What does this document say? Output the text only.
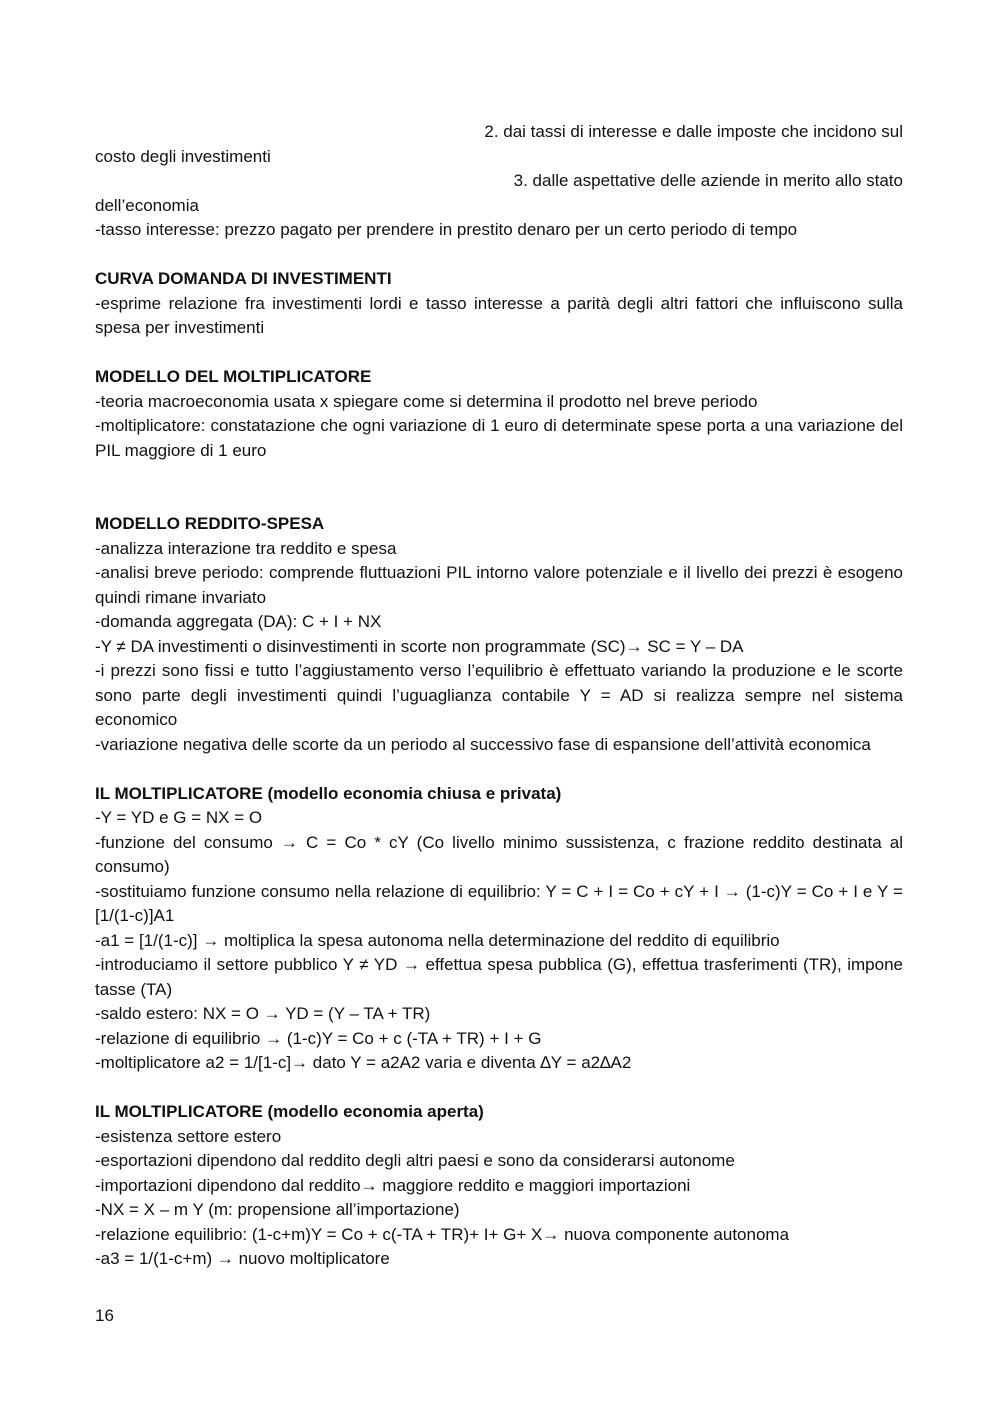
2. dai tassi di interesse e dalle imposte che incidono sul
costo degli investimenti
3. dalle aspettative delle aziende in merito allo stato
dell’economia
-tasso interesse: prezzo pagato per prendere in prestito denaro per un certo periodo di tempo
CURVA DOMANDA DI INVESTIMENTI
-esprime relazione fra investimenti lordi e tasso interesse a parità degli altri fattori che influiscono sulla spesa per investimenti
MODELLO DEL MOLTIPLICATORE
-teoria macroeconomia usata x spiegare come si determina il prodotto nel breve periodo
-moltiplicatore: constatazione che ogni variazione di 1 euro di determinate spese porta a una variazione del PIL maggiore di 1 euro
MODELLO REDDITO-SPESA
-analizza interazione tra reddito e spesa
-analisi breve periodo: comprende fluttuazioni PIL intorno valore potenziale e il livello dei prezzi è esogeno quindi rimane invariato
-domanda aggregata (DA): C + I + NX
-Y ≠ DA investimenti o disinvestimenti in scorte non programmate (SC)→ SC = Y – DA
-i prezzi sono fissi e tutto l’aggiustamento verso l’equilibrio è effettuato variando la produzione e le scorte sono parte degli investimenti quindi l’uguaglianza contabile Y = AD si realizza sempre nel sistema economico
-variazione negativa delle scorte da un periodo al successivo fase di espansione dell’attività economica
IL MOLTIPLICATORE (modello economia chiusa e privata)
-Y = YD e G = NX = O
-funzione del consumo → C = Co * cY (Co livello minimo sussistenza, c frazione reddito destinata al consumo)
-sostituiamo funzione consumo nella relazione di equilibrio: Y = C + I = Co + cY + I → (1-c)Y = Co + I e Y = [1/(1-c)]A1
-a1 = [1/(1-c)] → moltiplica la spesa autonoma nella determinazione del reddito di equilibrio
-introduciamo il settore pubblico Y ≠ YD → effettua spesa pubblica (G), effettua trasferimenti (TR), impone tasse (TA)
-saldo estero: NX = O → YD = (Y – TA + TR)
-relazione di equilibrio → (1-c)Y = Co + c (-TA + TR) + I + G
-moltiplicatore a2 = 1/[1-c]→ dato Y = a2A2 varia e diventa ∆Y = a2∆A2
IL MOLTIPLICATORE (modello economia aperta)
-esistenza settore estero
-esportazioni dipendono dal reddito degli altri paesi e sono da considerarsi autonome
-importazioni dipendono dal reddito→ maggiore reddito e maggiori importazioni
-NX = X – m Y (m: propensione all’importazione)
-relazione equilibrio: (1-c+m)Y = Co + c(-TA + TR)+ I+ G+ X→ nuova componente autonoma
-a3 = 1/(1-c+m) → nuovo moltiplicatore
16
